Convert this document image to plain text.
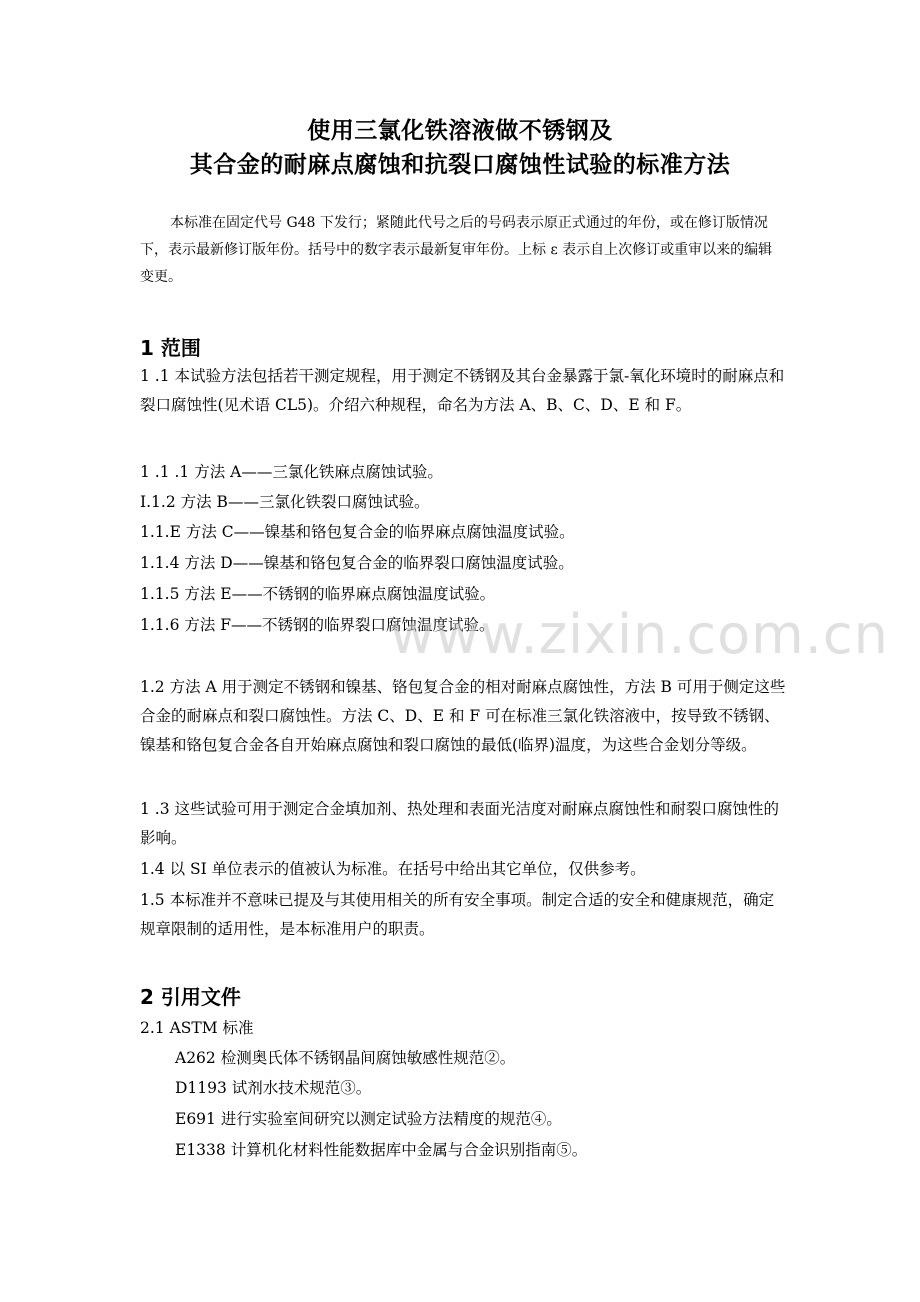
使用三氯化铁溶液做不锈钢及
其合金的耐麻点腐蚀和抗裂口腐蚀性试验的标准方法
本标准在固定代号 G48 下发行；紧随此代号之后的号码表示原正式通过的年份，或在修订版情况下，表示最新修订版年份。括号中的数字表示最新复审年份。上标 ε 表示自上次修订或重审以来的编辑变更。
1 范围
1 .1 本试验方法包括若干测定规程，用于测定不锈钢及其台金暴露于氯-氧化环境时的耐麻点和裂口腐蚀性(见术语 CL5)。介绍六种规程，命名为方法 A、B、C、D、E 和 F。
1 .1 .1 方法 A——三氯化铁麻点腐蚀试验。
I.1.2 方法 B——三氯化铁裂口腐蚀试验。
1.1.E 方法 C——镍基和铬包复合金的临界麻点腐蚀温度试验。
1.1.4 方法 D——镍基和铬包复合金的临界裂口腐蚀温度试验。
1.1.5 方法 E——不锈钢的临界麻点腐蚀温度试验。
1.1.6 方法 F——不锈钢的临界裂口腐蚀温度试验。
www.zixin.com.cn
1.2 方法 A 用于测定不锈钢和镍基、铬包复合金的相对耐麻点腐蚀性，方法 B 可用于侧定这些合金的耐麻点和裂口腐蚀性。方法 C、D、E 和 F 可在标准三氯化铁溶液中，按导致不锈钢、镍基和铬包复合金各自开始麻点腐蚀和裂口腐蚀的最低(临界)温度，为这些合金划分等级。
1 .3 这些试验可用于测定合金填加剂、热处理和表面光洁度对耐麻点腐蚀性和耐裂口腐蚀性的影响。
1.4 以 SI 单位表示的值被认为标准。在括号中给出其它单位，仅供参考。
1.5 本标准并不意味已提及与其使用相关的所有安全事项。制定合适的安全和健康规范，确定规章限制的适用性，是本标准用户的职责。
2 引用文件
2.1 ASTM 标准
A262 检测奥氏体不锈钢晶间腐蚀敏感性规范②。
D1193 试剂水技术规范③。
E691 进行实验室间研究以测定试验方法精度的规范④。
E1338 计算机化材料性能数据库中金属与合金识别指南⑤。
